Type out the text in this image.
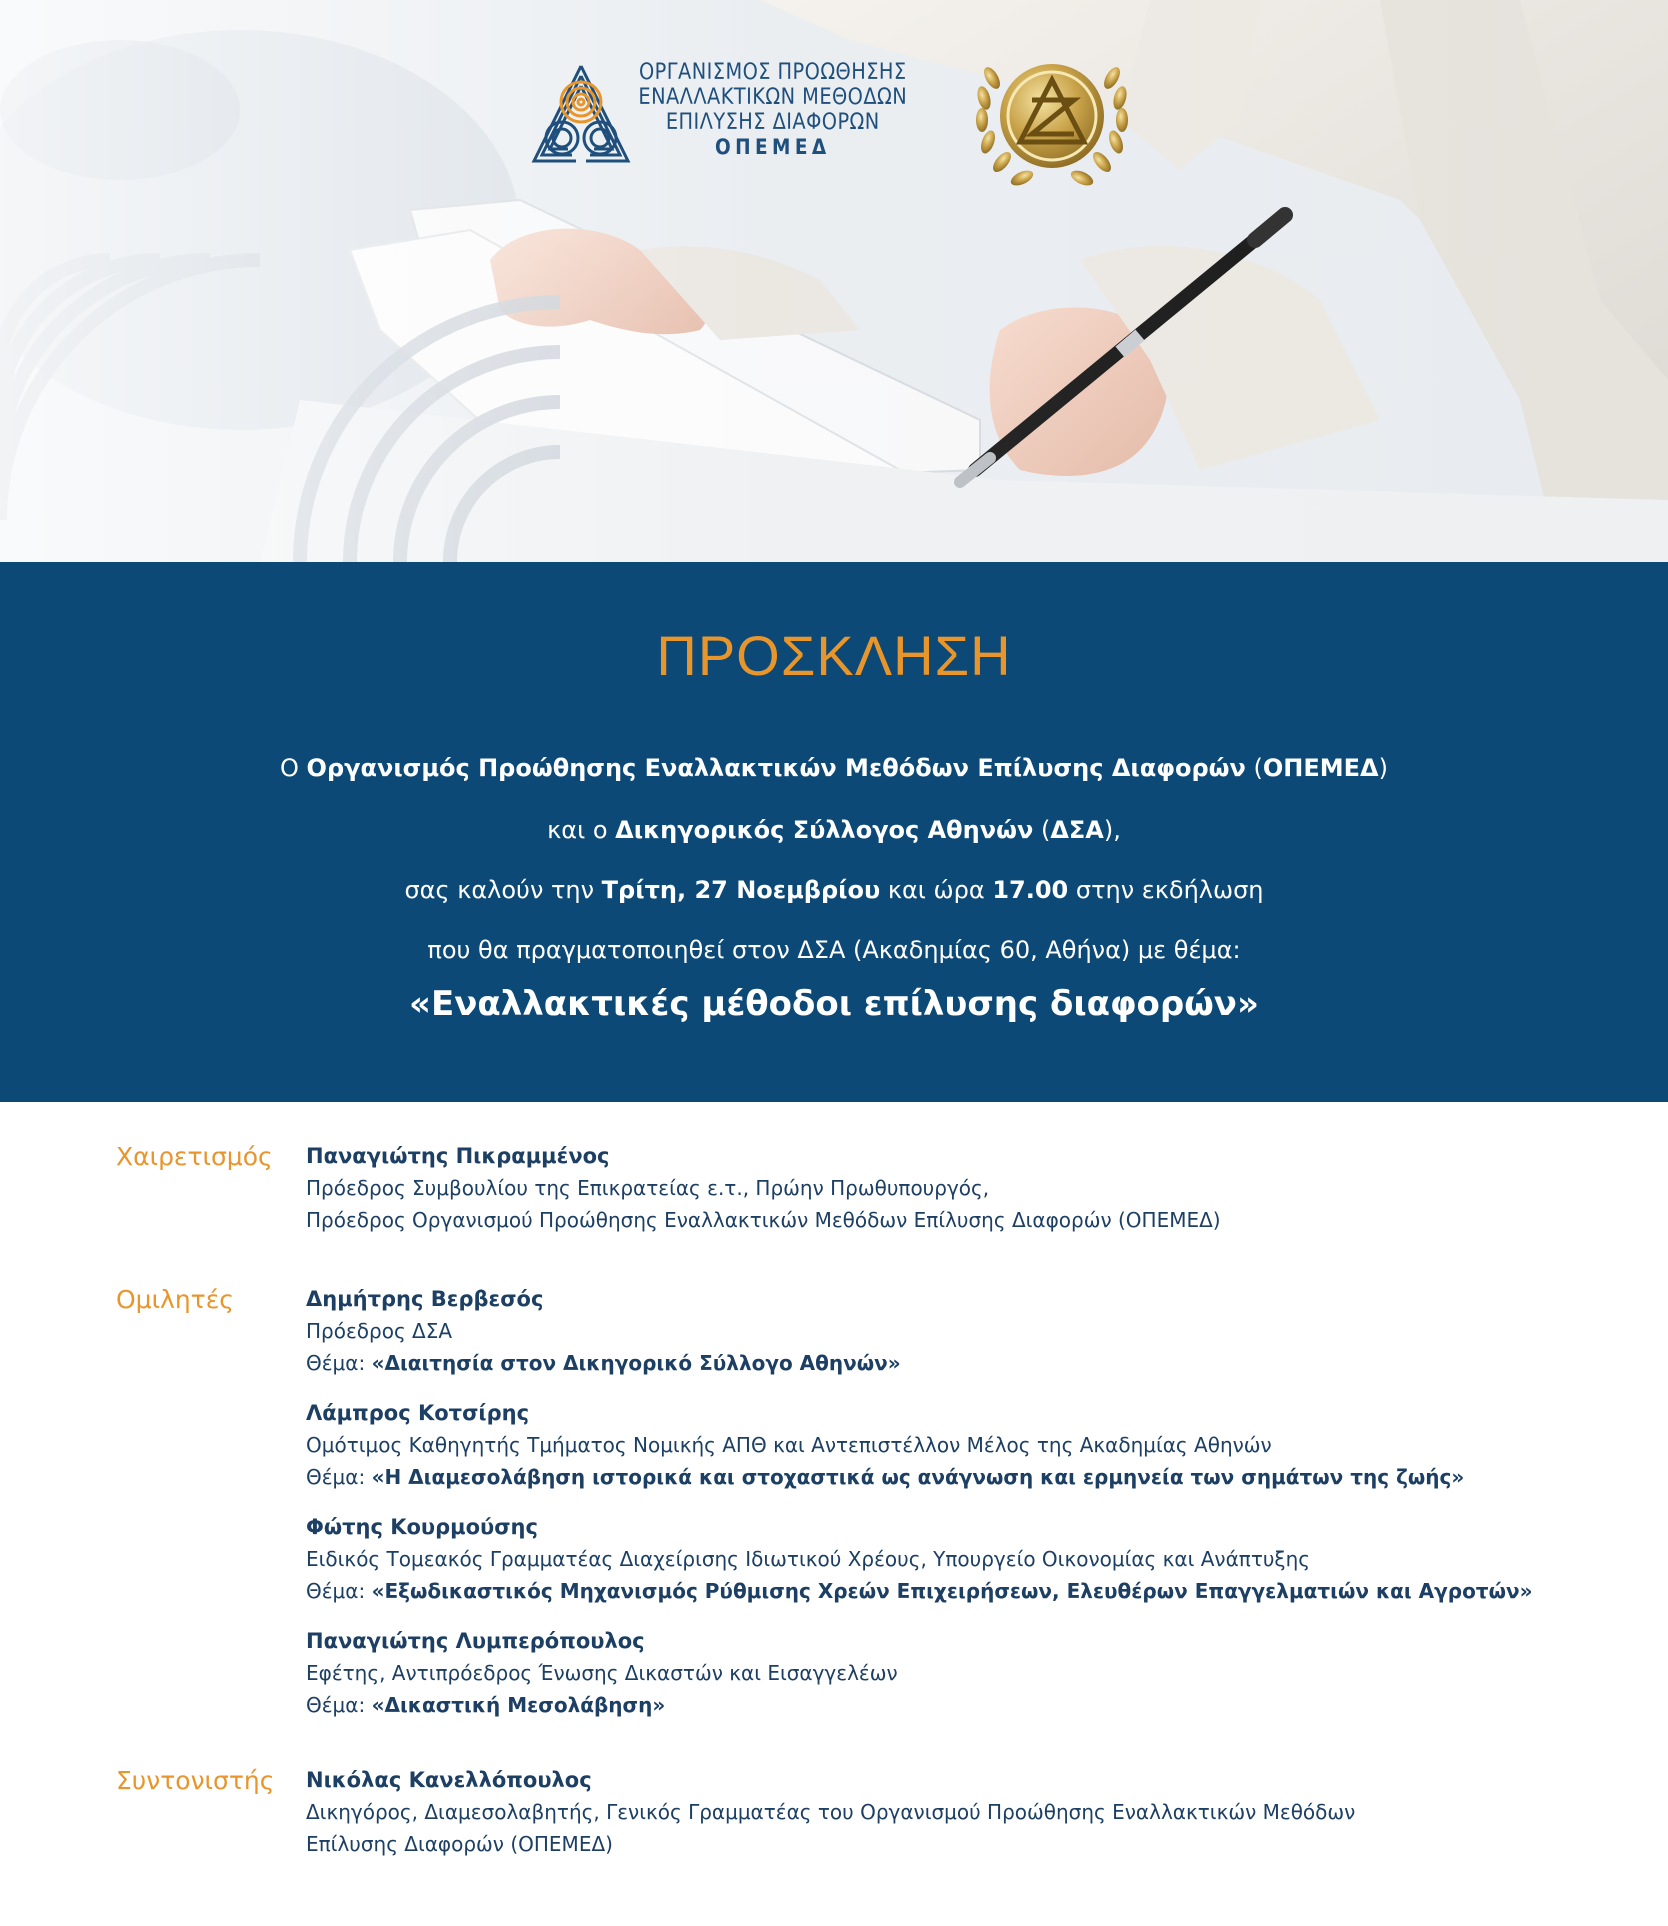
ΟΡΓΑΝΙΣΜΟΣ ΠΡΟΩΘΗΣΗΣ
ΕΝΑΛΛΑΚΤΙΚΩΝ ΜΕΘΟΔΩΝ
ΕΠΙΛΥΣΗΣ ΔΙΑΦΟΡΩΝ
ΟΠΕΜΕΔ
ΠΡΟΣΚΛΗΣΗ
Ο Οργανισμός Προώθησης Εναλλακτικών Μεθόδων Επίλυσης Διαφορών (ΟΠΕΜΕΔ)
και ο Δικηγορικός Σύλλογος Αθηνών (ΔΣΑ),
σας καλούν την Τρίτη, 27 Νοεμβρίου και ώρα 17.00 στην εκδήλωση
που θα πραγματοποιηθεί στον ΔΣΑ (Ακαδημίας 60, Αθήνα) με θέμα:
«Εναλλακτικές μέθοδοι επίλυσης διαφορών»
Χαιρετισμός Παναγιώτης Πικραμμένος
Πρόεδρος Συμβουλίου της Επικρατείας ε.τ., Πρώην Πρωθυπουργός,
Πρόεδρος Οργανισμού Προώθησης Εναλλακτικών Μεθόδων Επίλυσης Διαφορών (ΟΠΕΜΕΔ)
Ομιλητές	Δημήτρης Βερβεσός
Πρόεδρος ΔΣΑ
Θέμα: «Διαιτησία στον Δικηγορικό Σύλλογο Αθηνών»
Λάμπρος Κοτσίρης
Ομότιμος Καθηγητής Τμήματος Νομικής ΑΠΘ και Αντεπιστέλλον Μέλος της Ακαδημίας Αθηνών
Θέμα: «Η Διαμεσολάβηση ιστορικά και στοχαστικά ως ανάγνωση και ερμηνεία των σημάτων της ζωής»
Φώτης Κουρμούσης
Ειδικός Τομεακός Γραμματέας Διαχείρισης Ιδιωτικού Χρέους, Υπουργείο Οικονομίας και Ανάπτυξης
Θέμα: «Εξωδικαστικός Μηχανισμός Ρύθμισης Χρεών Επιχειρήσεων, Ελευθέρων Επαγγελματιών και Αγροτών»
Παναγιώτης Λυμπερόπουλος
Εφέτης, Αντιπρόεδρος Ένωσης Δικαστών και Εισαγγελέων
Θέμα: «Δικαστική Μεσολάβηση»
Συντονιστής Νικόλας Κανελλόπουλος
Δικηγόρος, Διαμεσολαβητής, Γενικός Γραμματέας του Οργανισμού Προώθησης Εναλλακτικών Μεθόδων
Επίλυσης Διαφορών (ΟΠΕΜΕΔ)
